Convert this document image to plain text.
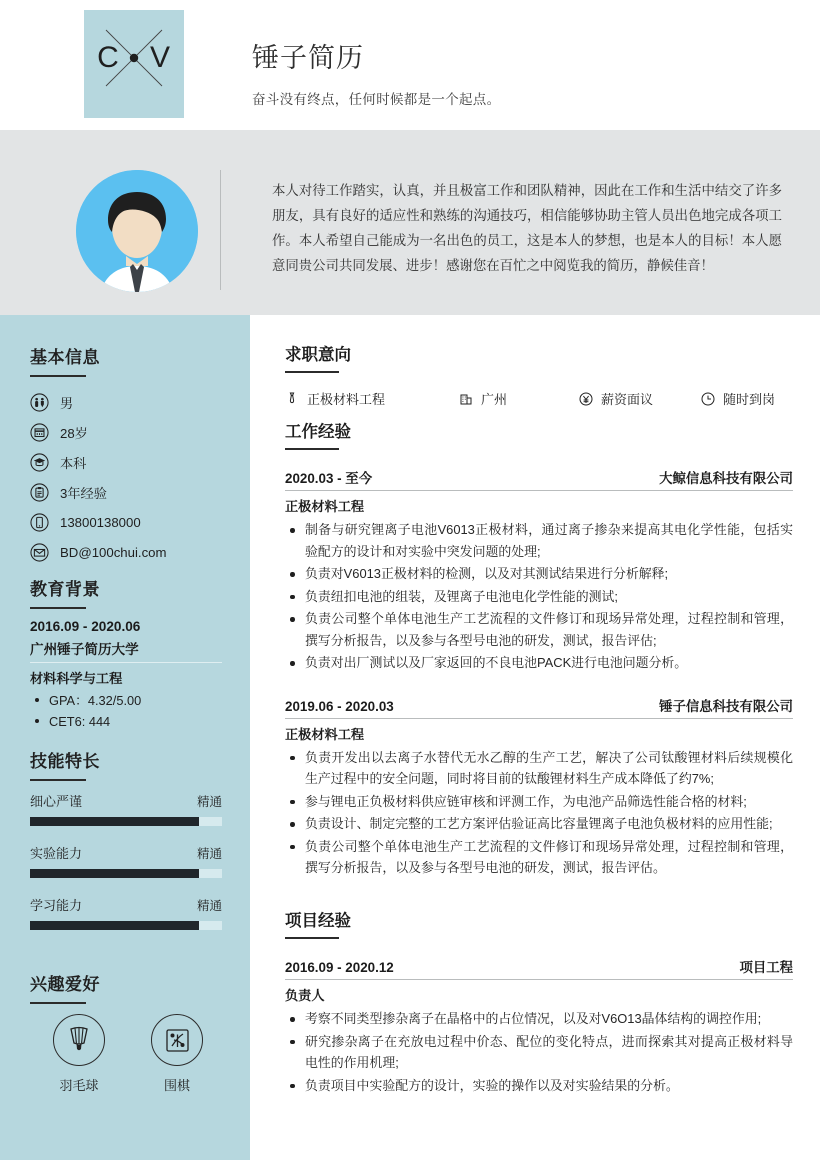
C V	锤子简历
奋斗没有终点，任何时候都是一个起点。
本人对待工作踏实，认真，并且极富工作和团队精神，因此在工作和生活中结交了许多朋友，具有良好的适应性和熟练的沟通技巧，相信能够协助主管人员出色地完成各项工作。本人希望自己能成为一名出色的员工，这是本人的梦想，也是本人的目标！本人愿意同贵公司共同发展、进步！感谢您在百忙之中阅览我的简历，静候佳音！
基本信息
男
28岁
本科
3年经验
13800138000
BD@100chui.com
教育背景
2016.09 - 2020.06
广州锤子简历大学
材料科学与工程
GPA：4.32/5.00
CET6: 444
技能特长
细心严谨	精通
实验能力	精通
学习能力	精通
兴趣爱好
羽毛球	围棋
求职意向
正极材料工程	广州	薪资面议	随时到岗
工作经验
2020.03 - 至今	大鲸信息科技有限公司
正极材料工程
制备与研究锂离子电池V6013正极材料，通过离子掺杂来提高其电化学性能，包括实验配方的设计和对实验中突发问题的处理;
负责对V6013正极材料的检测，以及对其测试结果进行分析解释;
负责纽扣电池的组装，及锂离子电池电化学性能的测试;
负责公司整个单体电池生产工艺流程的文件修订和现场异常处理，过程控制和管理，撰写分析报告，以及参与各型号电池的研发，测试，报告评估;
负责对出厂测试以及厂家返回的不良电池PACK进行电池问题分析。
2019.06 - 2020.03	锤子信息科技有限公司
正极材料工程
负责开发出以去离子水替代无水乙醇的生产工艺，解决了公司钛酸锂材料后续规模化生产过程中的安全问题，同时将目前的钛酸锂材料生产成本降低了约7%;
参与锂电正负极材料供应链审核和评测工作，为电池产品筛选性能合格的材料;
负责设计、制定完整的工艺方案评估验证高比容量锂离子电池负极材料的应用性能;
负责公司整个单体电池生产工艺流程的文件修订和现场异常处理，过程控制和管理，撰写分析报告，以及参与各型号电池的研发，测试，报告评估。
项目经验
2016.09 - 2020.12	项目工程
负责人
考察不同类型掺杂离子在晶格中的占位情况，以及对V6O13晶体结构的调控作用;
研究掺杂离子在充放电过程中价态、配位的变化特点，进而探索其对提高正极材料导电性的作用机理;
负责项目中实验配方的设计，实验的操作以及对实验结果的分析。
